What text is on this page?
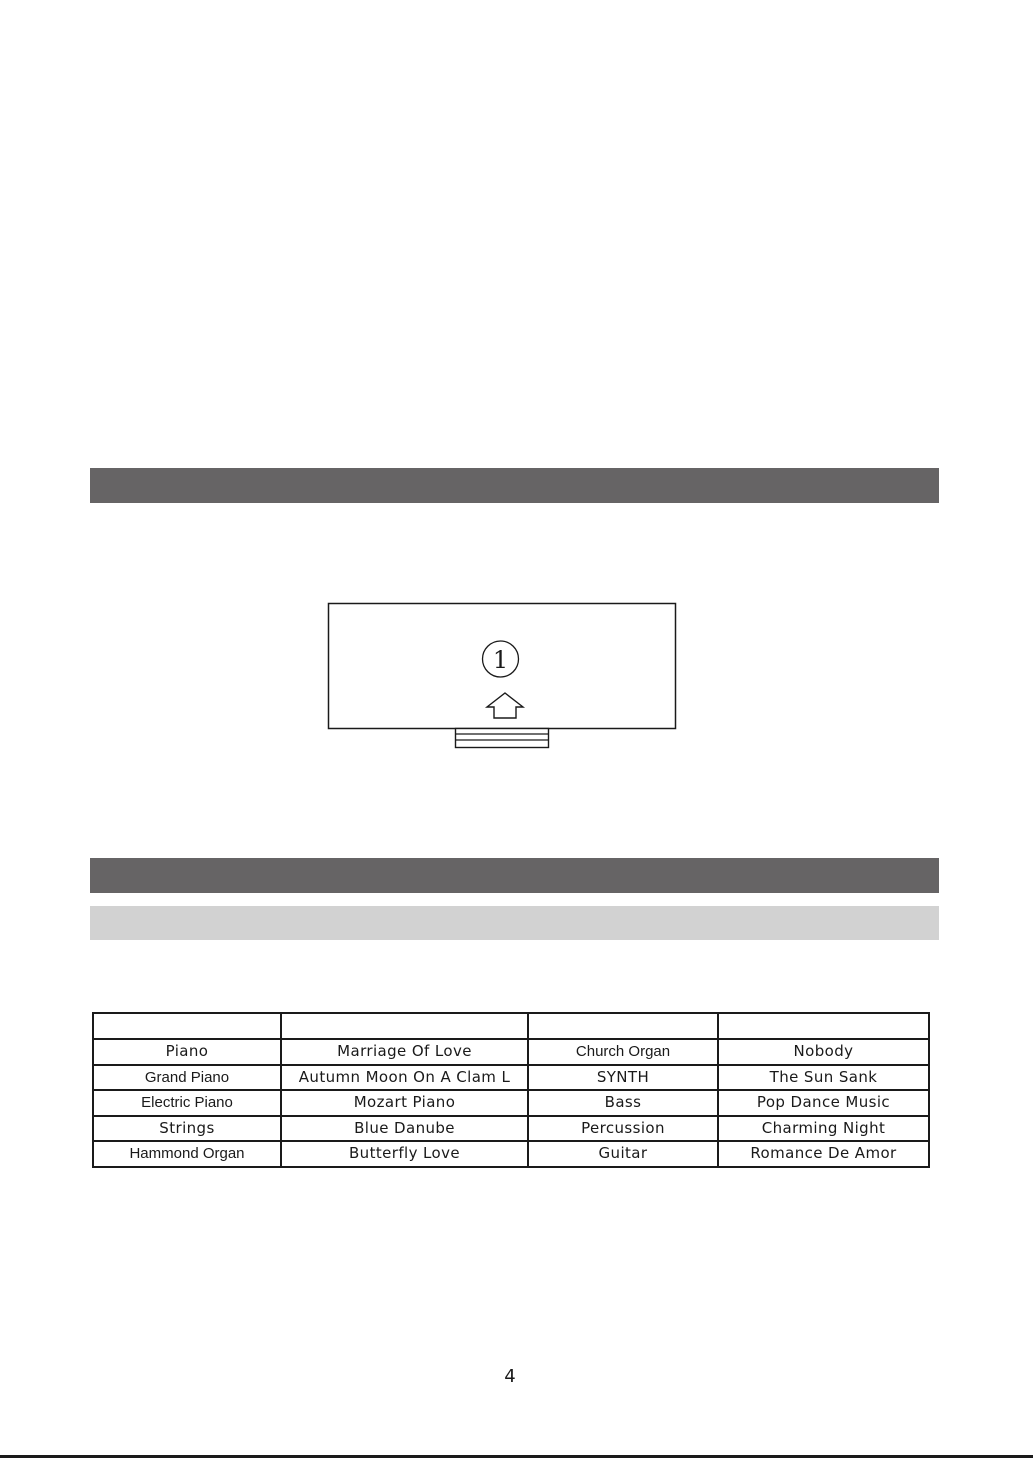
1

Piano	Marriage Of Love	Church Organ	Nobody
Grand Piano	Autumn Moon On A Clam L	SYNTH	The Sun Sank
Electric Piano	Mozart Piano	Bass	Pop Dance Music
Strings	Blue Danube	Percussion	Charming Night
Hammond Organ	Butterfly Love	Guitar	Romance De Amor
4
